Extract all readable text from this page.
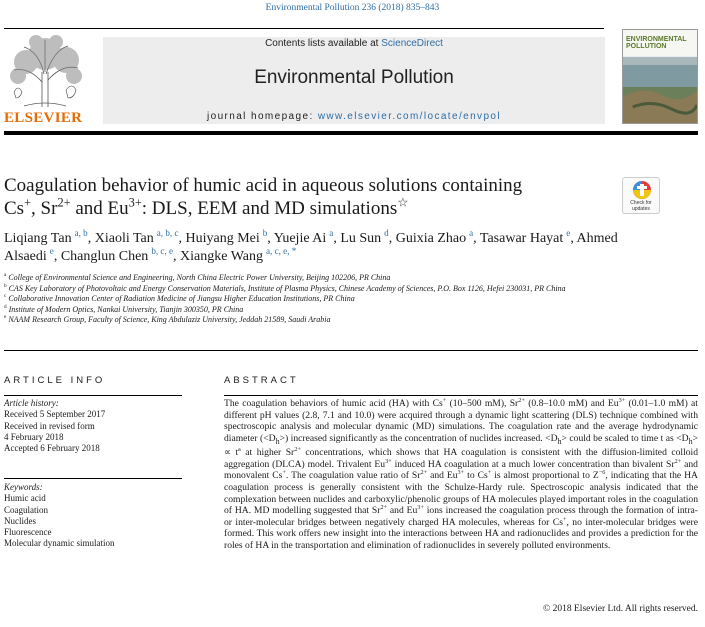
Environmental Pollution 236 (2018) 835–843
ELSEVIER
Contents lists available at ScienceDirect
Environmental Pollution
journal homepage: www.elsevier.com/locate/envpol
ENVIRONMENTAL
POLLUTION
Coagulation behavior of humic acid in aqueous solutions containing
Cs+, $Sr^{2+}$ and $Eu^{3+}$: DLS, EEM and MD simulations☆	Check for
updates
Liqiang Tan $^{a, b}$, Xiaoli Tan $^{a, b, c}$, Huiyang Mei $^b$, Yuejie Ai $^a$, Lu Sun $^d$, Guixia Zhao $^a$, Tasawar Hayat $^e$, Ahmed Alsaedi $^e$, Changlun Chen $^{b, c, e}$, Xiangke Wang $^{a, c, e, *}$
$^a$ College of Environmental Science and Engineering, North China Electric Power University, Beijing 102206, PR China
$^b$ CAS Key Laboratory of Photovoltaic and Energy Conservation Materials, Institute of Plasma Physics, Chinese Academy of Sciences, P.O. Box 1126, Hefei 230031, PR China
$^c$ Collaborative Innovation Center of Radiation Medicine of Jiangsu Higher Education Institutions, PR China
$^d$ Institute of Modern Optics, Nankai University, Tianjin 300350, PR China
$^e$ NAAM Research Group, Faculty of Science, King Abdulaziz University, Jeddah 21589, Saudi Arabia
ARTICLE INFO
Article history:
Received 5 September 2017
Received in revised form
4 February 2018
Accepted 6 February 2018
Keywords:
Humic acid
Coagulation
Nuclides
Fluorescence
Molecular dynamic simulation
ABSTRACT
The coagulation behaviors of humic acid (HA) with Cs+ (10–500 mM), $Sr^{2+}$ (0.8–10.0 mM) and $Eu^{3+}$ (0.01–1.0 mM) at different pH values (2.8, 7.1 and 10.0) were acquired through a dynamic light scattering (DLS) technique combined with spectroscopic analysis and molecular dynamic (MD) simulations. The coagulation rate and the average hydrodynamic diameter $(<D_h>)$ increased significantly as the concentration of nuclides increased. $<D_h>$ could be scaled to time t as $<D_h> \propto t^a$ at higher $Sr^{2+}$ concentrations, which shows that HA coagulation is consistent with the diffusion-limited colloid aggregation (DLCA) model. Trivalent $Eu^{3+}$ induced HA coagulation at a much lower concentration than bivalent $Sr^{2+}$ and monovalent Cs+. The coagulation value ratio of $Sr^{2+}$ and $Eu^{3+}$ to Cs+ is almost proportional to $Z^{-6}$, indicating that the HA coagulation process is generally consistent with the Schulze-Hardy rule. Spectroscopic analysis indicated that the complexation between nuclides and carboxylic/phenolic groups of HA molecules played important roles in the coagulation of HA. MD modelling suggested that $Sr^{2+}$ and $Eu^{3+}$ ions increased the coagulation process through the formation of intra- or inter-molecular bridges between negatively charged HA molecules, whereas for Cs+, no inter-molecular bridges were formed. This work offers new insight into the interactions between HA and radionuclides and provides a prediction for the roles of HA in the transportation and elimination of radionuclides in severely polluted environments.
© 2018 Elsevier Ltd. All rights reserved.
